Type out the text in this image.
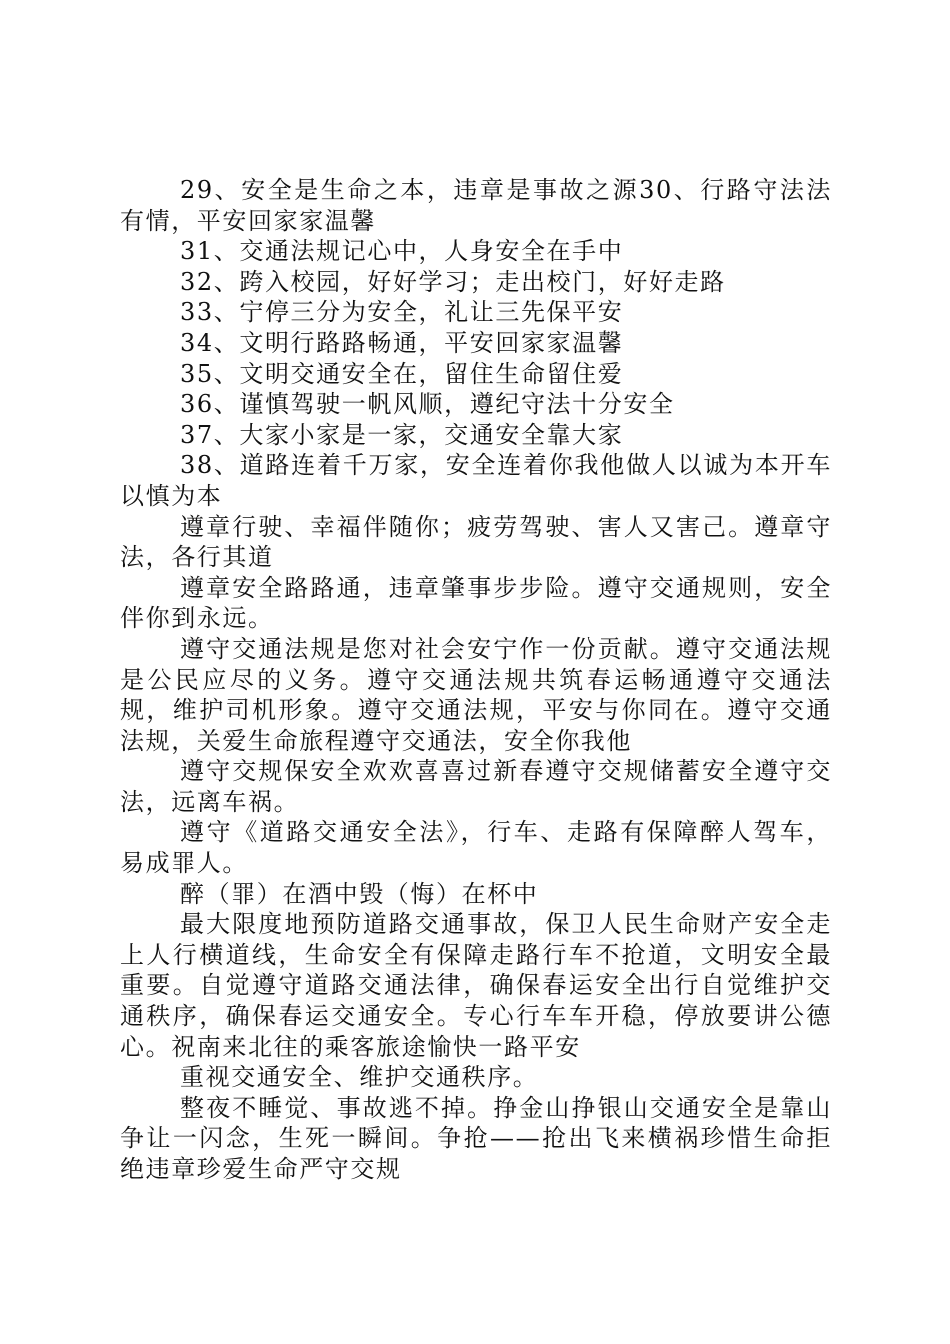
29、安全是生命之本，违章是事故之源30、行路守法法有情，平安回家家温馨

31、交通法规记心中，人身安全在手中

32、跨入校园，好好学习；走出校门，好好走路

33、宁停三分为安全，礼让三先保平安

34、文明行路路畅通，平安回家家温馨

35、文明交通安全在，留住生命留住爱

36、谨慎驾驶一帆风顺，遵纪守法十分安全

37、大家小家是一家，交通安全靠大家

38、道路连着千万家，安全连着你我他做人以诚为本开车以慎为本

遵章行驶、幸福伴随你；疲劳驾驶、害人又害己。遵章守法，各行其道

遵章安全路路通，违章肇事步步险。遵守交通规则，安全伴你到永远。

遵守交通法规是您对社会安宁作一份贡献。遵守交通法规是公民应尽的义务。遵守交通法规共筑春运畅通遵守交通法规，维护司机形象。遵守交通法规，平安与你同在。遵守交通法规，关爱生命旅程遵守交通法，安全你我他

遵守交规保安全欢欢喜喜过新春遵守交规储蓄安全遵守交法，远离车祸。

遵守《道路交通安全法》，行车、走路有保障醉人驾车，易成罪人。

醉（罪）在酒中毁（悔）在杯中

最大限度地预防道路交通事故，保卫人民生命财产安全走上人行横道线，生命安全有保障走路行车不抢道，文明安全最重要。自觉遵守道路交通法律，确保春运安全出行自觉维护交通秩序，确保春运交通安全。专心行车车开稳，停放要讲公德心。祝南来北往的乘客旅途愉快一路平安

重视交通安全、维护交通秩序。

整夜不睡觉、事故逃不掉。挣金山挣银山交通安全是靠山争让一闪念，生死一瞬间。争抢——抢出飞来横祸珍惜生命拒绝违章珍爱生命严守交规
